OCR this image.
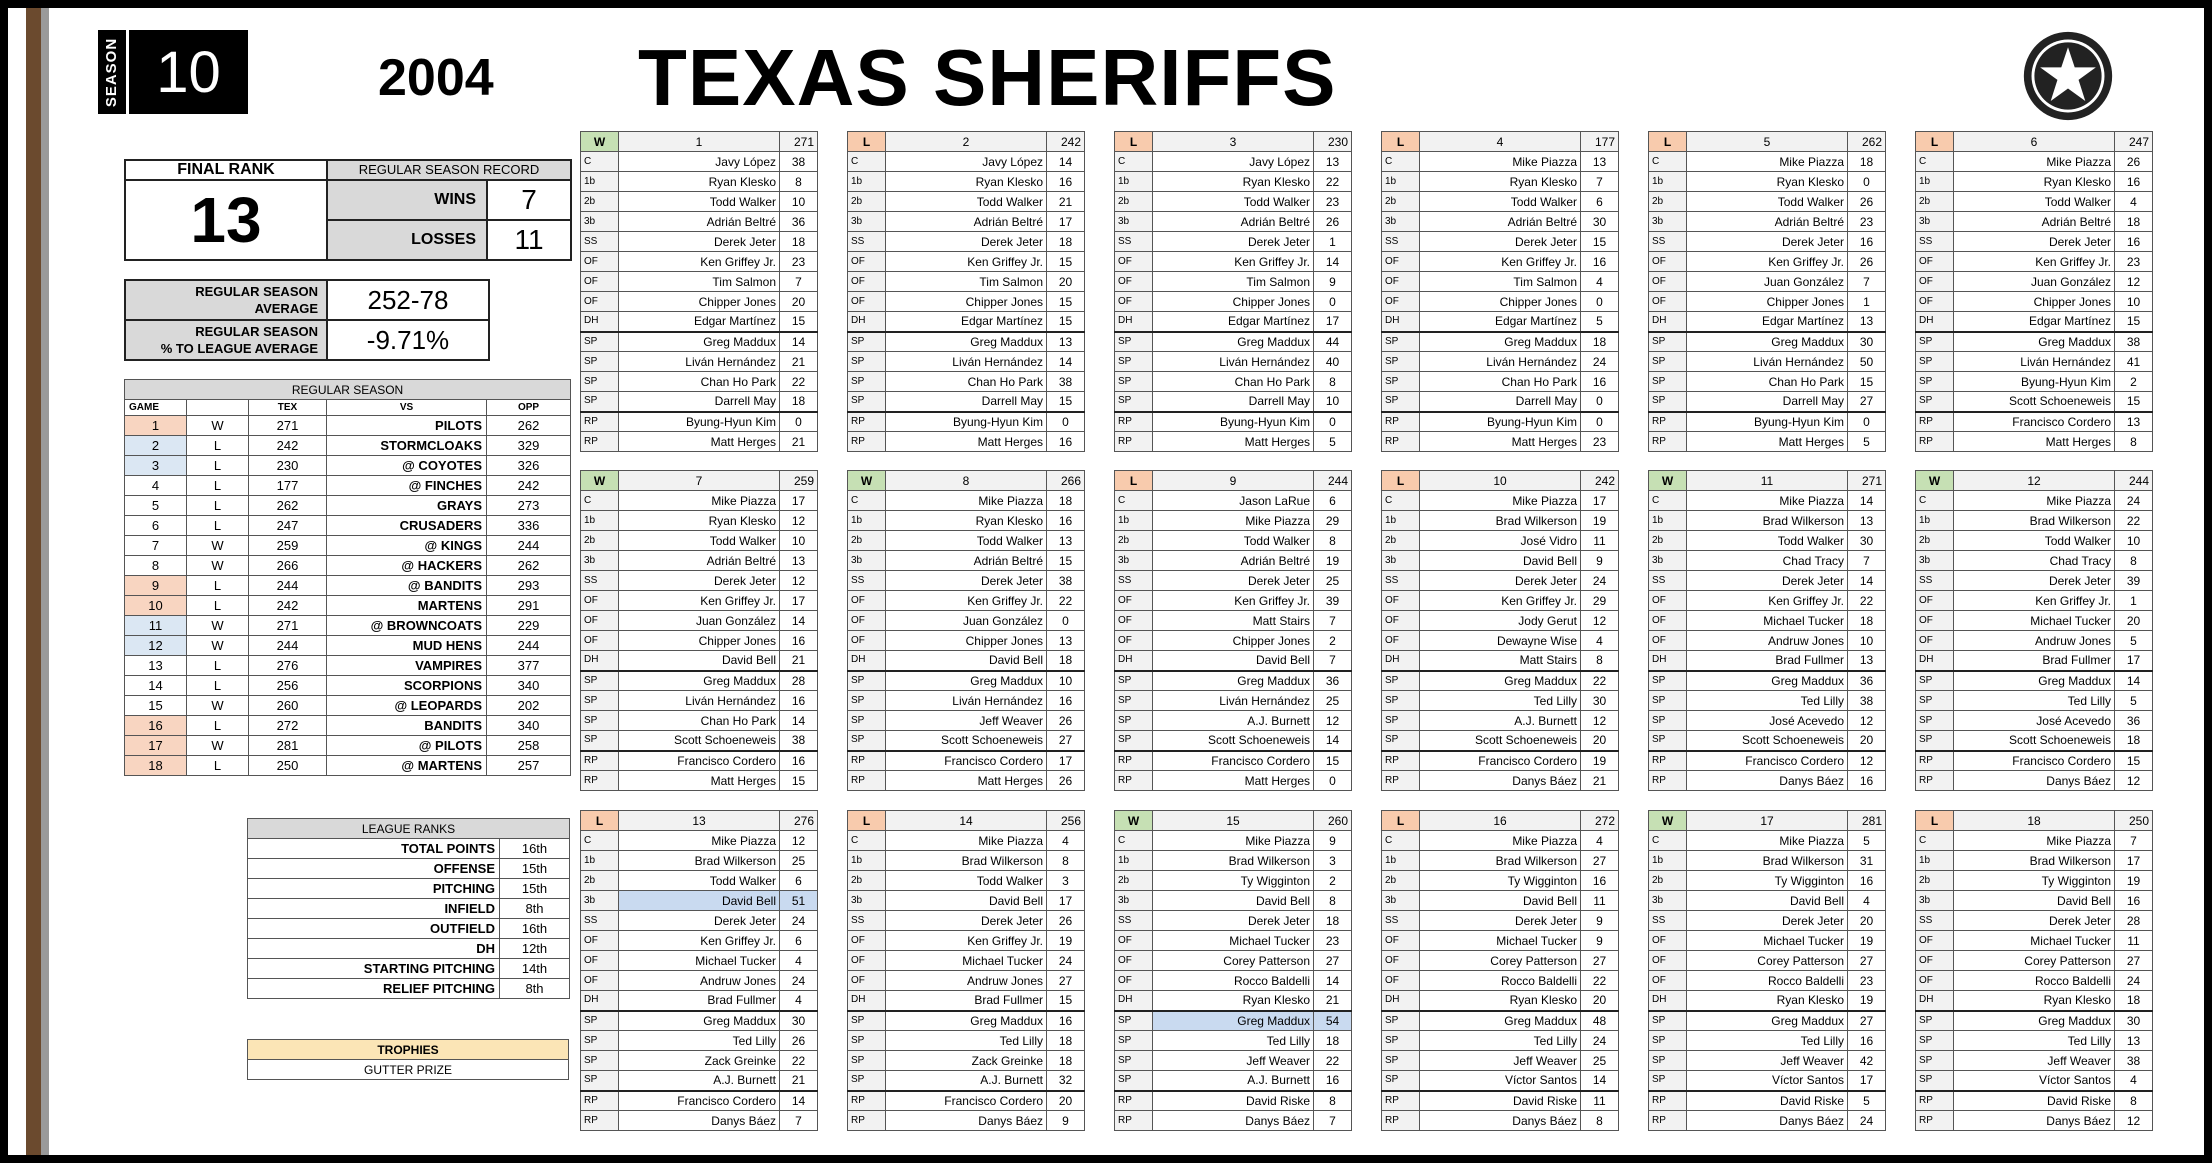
SEASON 10	2004 TEXAS SHERIFFS
FINAL RANK	REGULAR SEASON RECORD	
13	WINS	7
	LOSSES	11
REGULAR SEASON
AVERAGE	252-78

REGULAR SEASON
% TO LEAGUE AVERAGE	-9.71%
REGULAR SEASON				
GAME		TEX	VS	OPP
1	W	271	PILOTS	262
2	L	242	STORMCLOAKS	329
3	L	230	@ COYOTES	326
4	L	177	@ FINCHES	242
5	L	262	GRAYS	273
6	L	247	CRUSADERS	336
7	W	259	@ KINGS	244
8	W	266	@ HACKERS	262
9	L	244	@ BANDITS	293
10	L	242	MARTENS	291
11	W	271	@ BROWNCOATS	229
12	W	244	MUD HENS	244
13	L	276	VAMPIRES	377
14	L	256	SCORPIONS	340
15	W	260	@ LEOPARDS	202
16	L	272	BANDITS	340
17	W	281	@ PILOTS	258
18	L	250	@ MARTENS	257
LEAGUE RANKS	
TOTAL POINTS	16th
OFFENSE	15th
PITCHING	15th
INFIELD	8th
OUTFIELD	16th
DH	12th
STARTING PITCHING	14th
RELIEF PITCHING	8th
TROPHIES
GUTTER PRIZE
W	1	271
C	Javy López	38
1b	Ryan Klesko	8
2b	Todd Walker	10
3b	Adrián Beltré	36
SS	Derek Jeter	18
OF	Ken Griffey Jr.	23
OF	Tim Salmon	7
OF	Chipper Jones	20
DH	Edgar Martínez	15
SP	Greg Maddux	14
SP	Liván Hernández	21
SP	Chan Ho Park	22
SP	Darrell May	18
RP	Byung-Hyun Kim	0
RP	Matt Herges	21
L	2	242
C	Javy López	14
1b	Ryan Klesko	16
2b	Todd Walker	21
3b	Adrián Beltré	17
SS	Derek Jeter	18
OF	Ken Griffey Jr.	15
OF	Tim Salmon	20
OF	Chipper Jones	15
DH	Edgar Martínez	15
SP	Greg Maddux	13
SP	Liván Hernández	14
SP	Chan Ho Park	38
SP	Darrell May	15
RP	Byung-Hyun Kim	0
RP	Matt Herges	16
L	3	230
C	Javy López	13
1b	Ryan Klesko	22
2b	Todd Walker	23
3b	Adrián Beltré	26
SS	Derek Jeter	1
OF	Ken Griffey Jr.	14
OF	Tim Salmon	9
OF	Chipper Jones	0
DH	Edgar Martínez	17
SP	Greg Maddux	44
SP	Liván Hernández	40
SP	Chan Ho Park	8
SP	Darrell May	10
RP	Byung-Hyun Kim	0
RP	Matt Herges	5
L	4	177
C	Mike Piazza	13
1b	Ryan Klesko	7
2b	Todd Walker	6
3b	Adrián Beltré	30
SS	Derek Jeter	15
OF	Ken Griffey Jr.	16
OF	Tim Salmon	4
OF	Chipper Jones	0
DH	Edgar Martínez	5
SP	Greg Maddux	18
SP	Liván Hernández	24
SP	Chan Ho Park	16
SP	Darrell May	0
RP	Byung-Hyun Kim	0
RP	Matt Herges	23
L	5	262
C	Mike Piazza	18
1b	Ryan Klesko	0
2b	Todd Walker	26
3b	Adrián Beltré	23
SS	Derek Jeter	16
OF	Ken Griffey Jr.	26
OF	Juan González	7
OF	Chipper Jones	1
DH	Edgar Martínez	13
SP	Greg Maddux	30
SP	Liván Hernández	50
SP	Chan Ho Park	15
SP	Darrell May	27
RP	Byung-Hyun Kim	0
RP	Matt Herges	5
L	6	247
C	Mike Piazza	26
1b	Ryan Klesko	16
2b	Todd Walker	4
3b	Adrián Beltré	18
SS	Derek Jeter	16
OF	Ken Griffey Jr.	23
OF	Juan González	12
OF	Chipper Jones	10
DH	Edgar Martínez	15
SP	Greg Maddux	38
SP	Liván Hernández	41
SP	Byung-Hyun Kim	2
SP	Scott Schoeneweis	15
RP	Francisco Cordero	13
RP	Matt Herges	8
W	7	259
C	Mike Piazza	17
1b	Ryan Klesko	12
2b	Todd Walker	10
3b	Adrián Beltré	13
SS	Derek Jeter	12
OF	Ken Griffey Jr.	17
OF	Juan González	14
OF	Chipper Jones	16
DH	David Bell	21
SP	Greg Maddux	28
SP	Liván Hernández	16
SP	Chan Ho Park	14
SP	Scott Schoeneweis	38
RP	Francisco Cordero	16
RP	Matt Herges	15
W	8	266
C	Mike Piazza	18
1b	Ryan Klesko	16
2b	Todd Walker	13
3b	Adrián Beltré	15
SS	Derek Jeter	38
OF	Ken Griffey Jr.	22
OF	Juan González	0
OF	Chipper Jones	13
DH	David Bell	18
SP	Greg Maddux	10
SP	Liván Hernández	16
SP	Jeff Weaver	26
SP	Scott Schoeneweis	27
RP	Francisco Cordero	17
RP	Matt Herges	26
L	9	244
C	Jason LaRue	6
1b	Mike Piazza	29
2b	Todd Walker	8
3b	Adrián Beltré	19
SS	Derek Jeter	25
OF	Ken Griffey Jr.	39
OF	Matt Stairs	7
OF	Chipper Jones	2
DH	David Bell	7
SP	Greg Maddux	36
SP	Liván Hernández	25
SP	A.J. Burnett	12
SP	Scott Schoeneweis	14
RP	Francisco Cordero	15
RP	Matt Herges	0
L	10	242
C	Mike Piazza	17
1b	Brad Wilkerson	19
2b	José Vidro	11
3b	David Bell	9
SS	Derek Jeter	24
OF	Ken Griffey Jr.	29
OF	Jody Gerut	12
OF	Dewayne Wise	4
DH	Matt Stairs	8
SP	Greg Maddux	22
SP	Ted Lilly	30
SP	A.J. Burnett	12
SP	Scott Schoeneweis	20
RP	Francisco Cordero	19
RP	Danys Báez	21
W	11	271
C	Mike Piazza	14
1b	Brad Wilkerson	13
2b	Todd Walker	30
3b	Chad Tracy	7
SS	Derek Jeter	14
OF	Ken Griffey Jr.	22
OF	Michael Tucker	18
OF	Andruw Jones	10
DH	Brad Fullmer	13
SP	Greg Maddux	36
SP	Ted Lilly	38
SP	José Acevedo	12
SP	Scott Schoeneweis	20
RP	Francisco Cordero	12
RP	Danys Báez	16
W	12	244
C	Mike Piazza	24
1b	Brad Wilkerson	22
2b	Todd Walker	10
3b	Chad Tracy	8
SS	Derek Jeter	39
OF	Ken Griffey Jr.	1
OF	Michael Tucker	20
OF	Andruw Jones	5
DH	Brad Fullmer	17
SP	Greg Maddux	14
SP	Ted Lilly	5
SP	José Acevedo	36
SP	Scott Schoeneweis	18
RP	Francisco Cordero	15
RP	Danys Báez	12
L	13	276
C	Mike Piazza	12
1b	Brad Wilkerson	25
2b	Todd Walker	6
3b	David Bell	51
SS	Derek Jeter	24
OF	Ken Griffey Jr.	6
OF	Michael Tucker	4
OF	Andruw Jones	24
DH	Brad Fullmer	4
SP	Greg Maddux	30
SP	Ted Lilly	26
SP	Zack Greinke	22
SP	A.J. Burnett	21
RP	Francisco Cordero	14
RP	Danys Báez	7
L	14	256
C	Mike Piazza	4
1b	Brad Wilkerson	8
2b	Todd Walker	3
3b	David Bell	17
SS	Derek Jeter	26
OF	Ken Griffey Jr.	19
OF	Michael Tucker	24
OF	Andruw Jones	27
DH	Brad Fullmer	15
SP	Greg Maddux	16
SP	Ted Lilly	18
SP	Zack Greinke	18
SP	A.J. Burnett	32
RP	Francisco Cordero	20
RP	Danys Báez	9
W	15	260
C	Mike Piazza	9
1b	Brad Wilkerson	3
2b	Ty Wigginton	2
3b	David Bell	8
SS	Derek Jeter	18
OF	Michael Tucker	23
OF	Corey Patterson	27
OF	Rocco Baldelli	14
DH	Ryan Klesko	21
SP	Greg Maddux	54
SP	Ted Lilly	18
SP	Jeff Weaver	22
SP	A.J. Burnett	16
RP	David Riske	8
RP	Danys Báez	7
L	16	272
C	Mike Piazza	4
1b	Brad Wilkerson	27
2b	Ty Wigginton	16
3b	David Bell	11
SS	Derek Jeter	9
OF	Michael Tucker	9
OF	Corey Patterson	27
OF	Rocco Baldelli	22
DH	Ryan Klesko	20
SP	Greg Maddux	48
SP	Ted Lilly	24
SP	Jeff Weaver	25
SP	Víctor Santos	14
RP	David Riske	11
RP	Danys Báez	8
W	17	281
C	Mike Piazza	5
1b	Brad Wilkerson	31
2b	Ty Wigginton	16
3b	David Bell	4
SS	Derek Jeter	20
OF	Michael Tucker	19
OF	Corey Patterson	27
OF	Rocco Baldelli	23
DH	Ryan Klesko	19
SP	Greg Maddux	27
SP	Ted Lilly	16
SP	Jeff Weaver	42
SP	Víctor Santos	17
RP	David Riske	5
RP	Danys Báez	24
L	18	250
C	Mike Piazza	7
1b	Brad Wilkerson	17
2b	Ty Wigginton	19
3b	David Bell	16
SS	Derek Jeter	28
OF	Michael Tucker	11
OF	Corey Patterson	27
OF	Rocco Baldelli	24
DH	Ryan Klesko	18
SP	Greg Maddux	30
SP	Ted Lilly	13
SP	Jeff Weaver	38
SP	Víctor Santos	4
RP	David Riske	8
RP	Danys Báez	12
